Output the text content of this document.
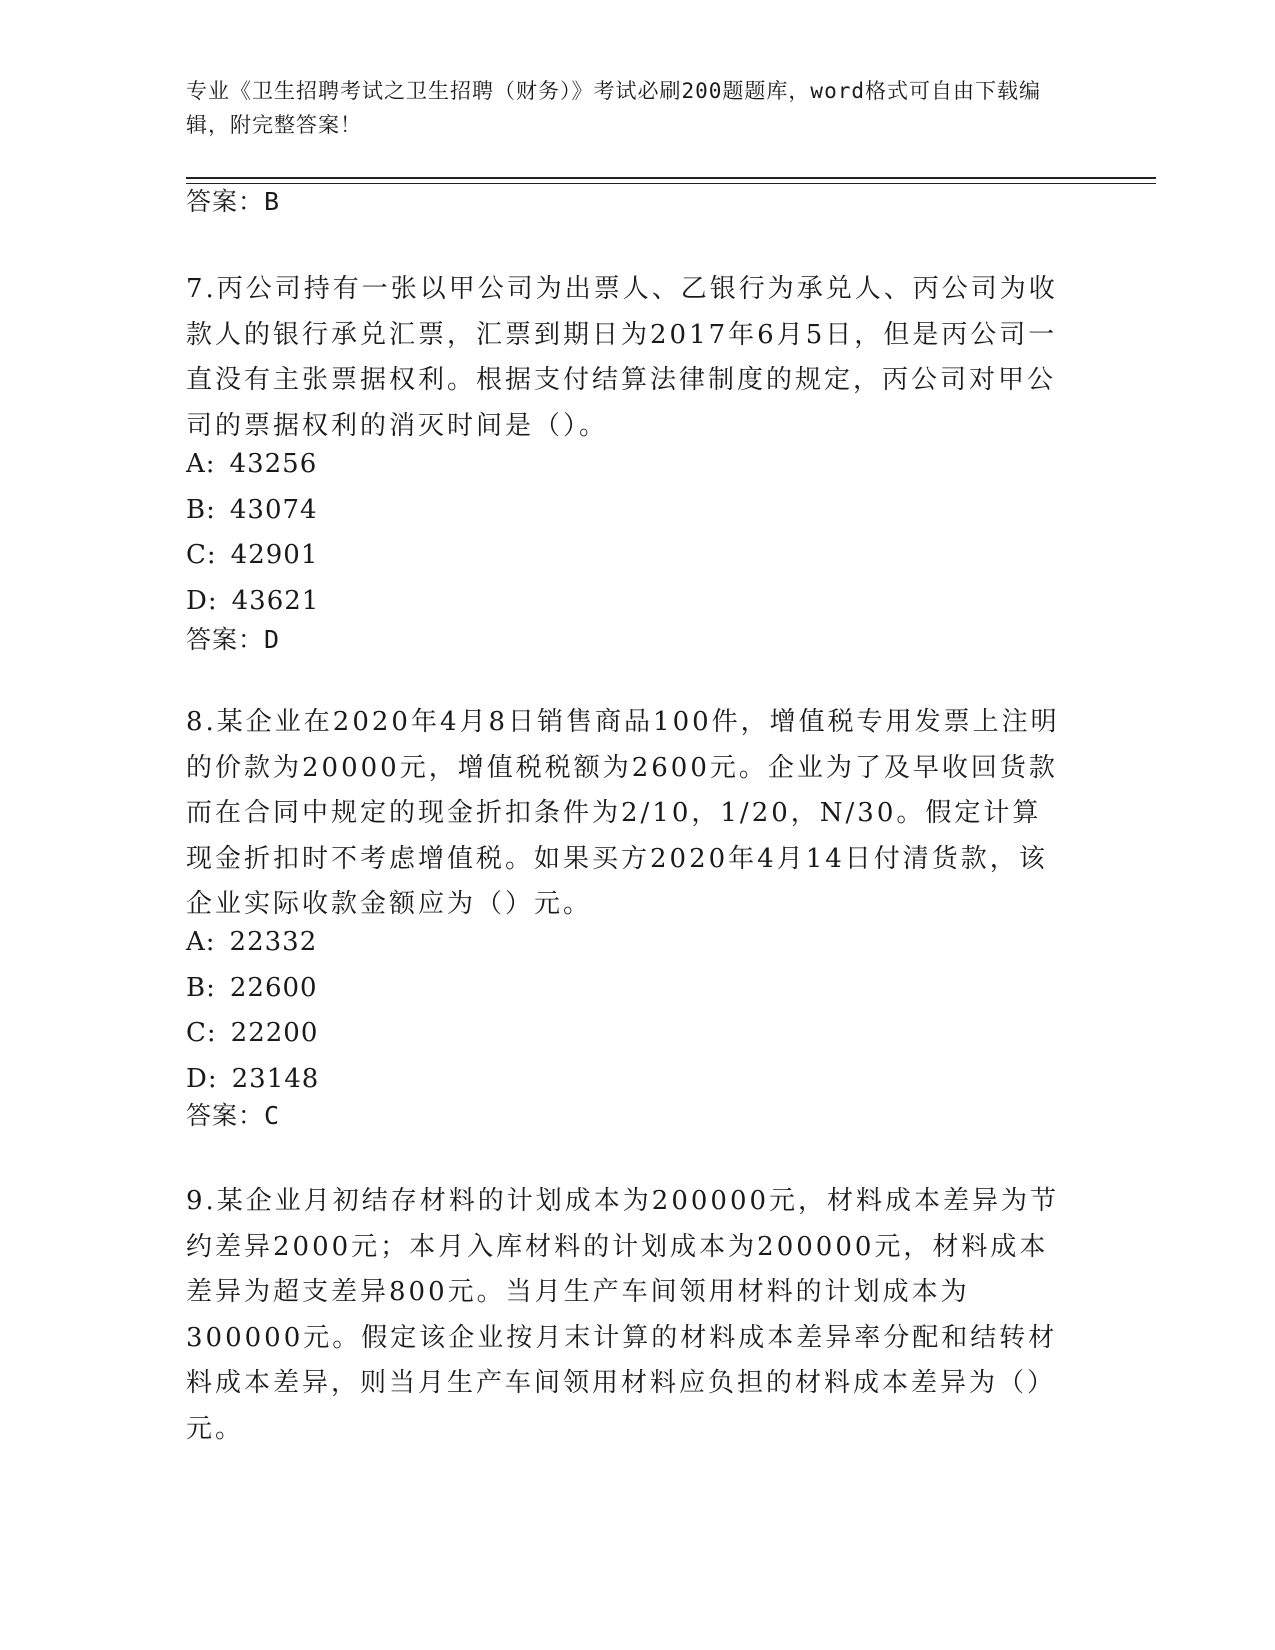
专业《卫生招聘考试之卫生招聘（财务）》考试必刷200题题库，word格式可自由下载编辑，附完整答案！

答案：B

7.丙公司持有一张以甲公司为出票人、乙银行为承兑人、丙公司为收款人的银行承兑汇票，汇票到期日为2017年6月5日，但是丙公司一直没有主张票据权利。根据支付结算法律制度的规定，丙公司对甲公司的票据权利的消灭时间是（）。

A: 43256
B: 43074
C: 42901
D: 43621

答案：D

8.某企业在2020年4月8日销售商品100件，增值税专用发票上注明的价款为20000元，增值税税额为2600元。企业为了及早收回货款而在合同中规定的现金折扣条件为2/10，1/20，N/30。假定计算现金折扣时不考虑增值税。如果买方2020年4月14日付清货款，该企业实际收款金额应为（）元。

A: 22332
B: 22600
C: 22200
D: 23148

答案：C

9.某企业月初结存材料的计划成本为200000元，材料成本差异为节约差异2000元；本月入库材料的计划成本为200000元，材料成本差异为超支差异800元。当月生产车间领用材料的计划成本为300000元。假定该企业按月末计算的材料成本差异率分配和结转材料成本差异，则当月生产车间领用材料应负担的材料成本差异为（）元。
